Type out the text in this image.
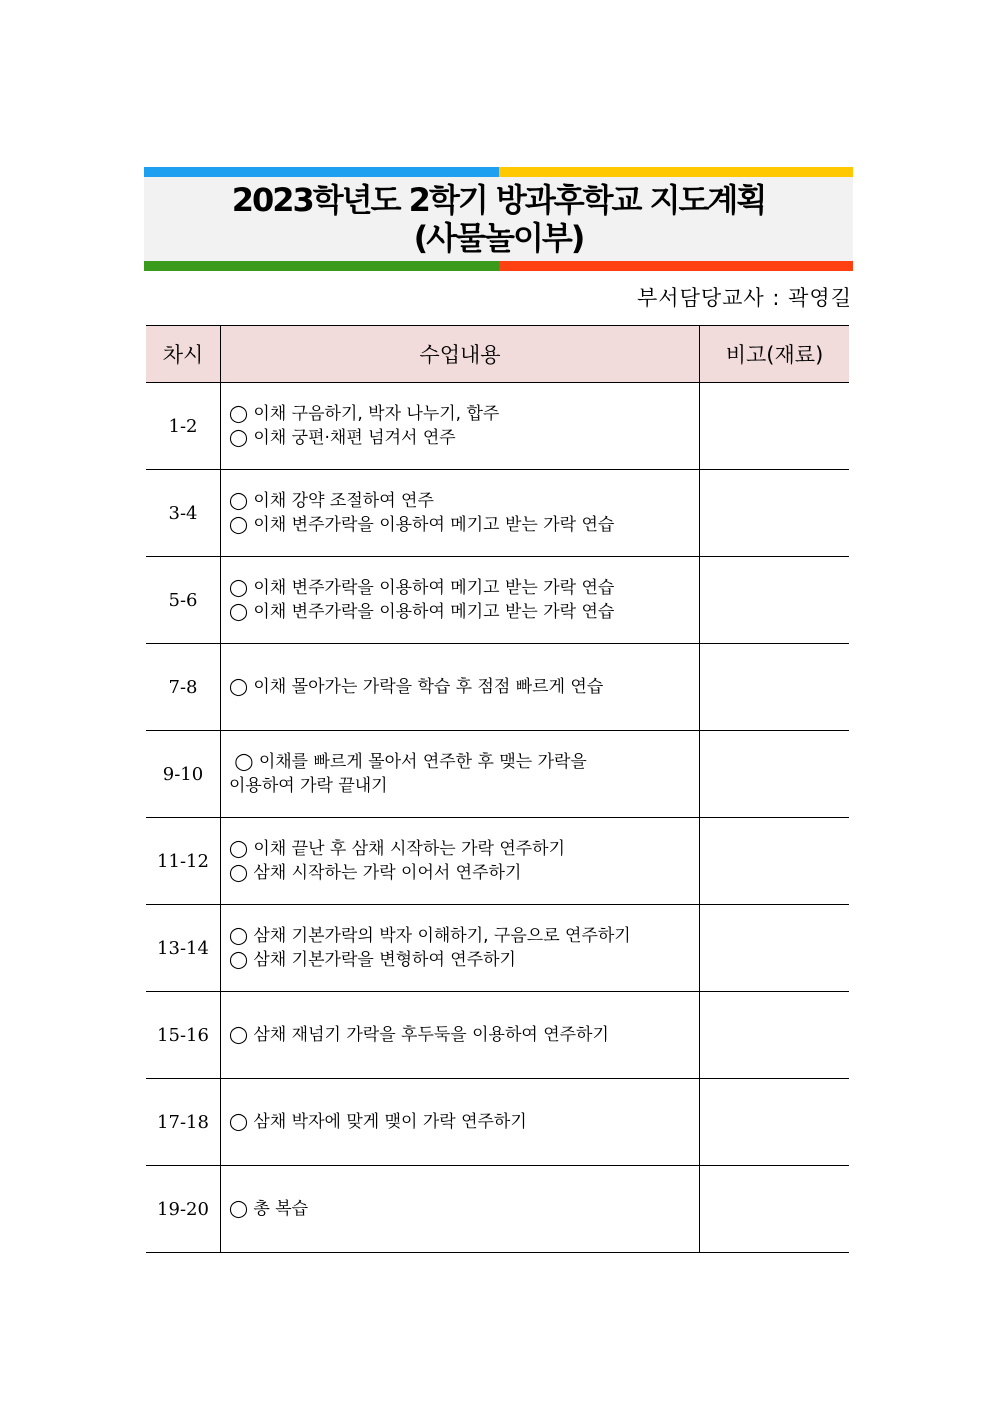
2023학년도 2학기 방과후학교 지도계획
(사물놀이부)
부서담당교사 : 곽영길
차시	수업내용	비고(재료)
1-2	◯ 이채 구음하기, 박자 나누기, 합주
◯ 이채 궁편·채편 넘겨서 연주	

3-4	◯ 이채 강약 조절하여 연주
◯ 이채 변주가락을 이용하여 메기고 받는 가락 연습	

5-6	◯ 이채 변주가락을 이용하여 메기고 받는 가락 연습
◯ 이채 변주가락을 이용하여 메기고 받는 가락 연습	

7-8	◯ 이채 몰아가는 가락을 학습 후 점점 빠르게 연습	

9-10	◯ 이채를 빠르게 몰아서 연주한 후 맺는 가락을
이용하여 가락 끝내기	

11-12	◯ 이채 끝난 후 삼채 시작하는 가락 연주하기
◯ 삼채 시작하는 가락 이어서 연주하기	

13-14	◯ 삼채 기본가락의 박자 이해하기, 구음으로 연주하기
◯ 삼채 기본가락을 변형하여 연주하기	

15-16	◯ 삼채 재넘기 가락을 후두둑을 이용하여 연주하기	

17-18	◯ 삼채 박자에 맞게 맺이 가락 연주하기	

19-20	◯ 총 복습	
